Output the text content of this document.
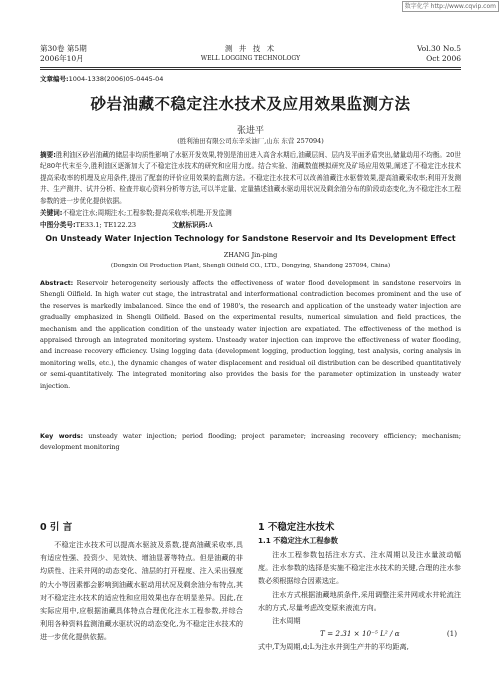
数字化学 http://www.cqvip.com
第30卷 第5期
2006年10月
测 井 技 术
WELL LOGGING TECHNOLOGY
Vol.30 No.5
Oct 2006
文章编号:1004-1338(2006)05-0445-04
砂岩油藏不稳定注水技术及应用效果监测方法
张进平
(胜利油田有限公司东辛采油厂,山东 东营 257094)
摘要:胜利油区砂岩油藏的储层非均质性影响了水驱开发效果,特别是油田进入高含水期后,油藏层间、层内及平面矛盾突出,储量动用不均衡。20世纪80年代末至今,胜利油区逐渐加大了不稳定注水技术的研究和应用力度。结合实验、油藏数值模拟研究及矿场应用效果,阐述了不稳定注水技术提高采收率的机理及应用条件,提出了配套的评价应用效果的监测方法。不稳定注水技术可以改善油藏注水驱替效果,提高油藏采收率;利用开发测井、生产测井、试井分析、检查井取心资料分析等方法,可以半定量、定量描述油藏水驱动用状况及剩余油分布的阶段动态变化,为不稳定注水工程参数的进一步优化提供依据。
关键词:不稳定注水;周期注水;工程参数;提高采收率;机理;开发监测
中图分类号:TE33.1; TE122.23	文献标识码:A
On Unsteady Water Injection Technology for Sandstone Reservoir and Its Development Effect
ZHANG Jin-ping
(Dongxin Oil Production Plant, Shengli Oilfield CO., LTD., Dongying, Shandong 257094, China)
Abstract: Reservoir heterogeneity seriously affects the effectiveness of water flood development in sandstone reservoirs in Shengli Oilfield. In high water cut stage, the intrastratal and interformational contradiction becomes prominent and the use of the reserves is markedly imbalanced. Since the end of 1980's, the research and application of the unsteady water injection are gradually emphasized in Shengli Oilfield. Based on the experimental results, numerical simulation and field practices, the mechanism and the application condition of the unsteady water injection are expatiated. The effectiveness of the method is appraised through an integrated monitoring system. Unsteady water injection can improve the effectiveness of water flooding, and increase recovery efficiency. Using logging data (development logging, production logging, test analysis, coring analysis in monitoring wells, etc.), the dynamic changes of water displacement and residual oil distribution can be described quantitatively or semi-quantitatively. The integrated monitoring also provides the basis for the parameter optimization in unsteady water injection.
Key words: unsteady water injection; period flooding; project parameter; increasing recovery efficiency; mechanism; development monitoring
0 引 言

不稳定注水技术可以提高水驱波及系数,提高油藏采收率,具有适应性强、投资少、见效快、增油显著等特点。但是油藏的非均质性、注采井网的动态变化、油层的打开程度、注入采出强度的大小等因素都会影响到油藏水驱动用状况及剩余油分布特点,其对不稳定注水技术的适应性和应用效果也存在明显差异。因此,在实际应用中,应根据油藏具体特点合理优化注水工程参数,并综合利用各种资料监测油藏水驱状况的动态变化,为不稳定注水技术的进一步优化提供依据。

1 不稳定注水技术
1.1 不稳定注水工程参数

注水工程参数包括注水方式、注水周期以及注水量波动幅度。注水参数的选择是实施不稳定注水技术的关键,合理的注水参数必须根据综合因素选定。

注水方式根据油藏地质条件,采用调整注采井网或水井轮流注水的方式,尽量考虑改变原来液流方向。

注水周期

T = 2.31 × 10⁻⁵ L² / α	(1)

式中,T为周期,d;L为注水井到生产井的平均距离,
